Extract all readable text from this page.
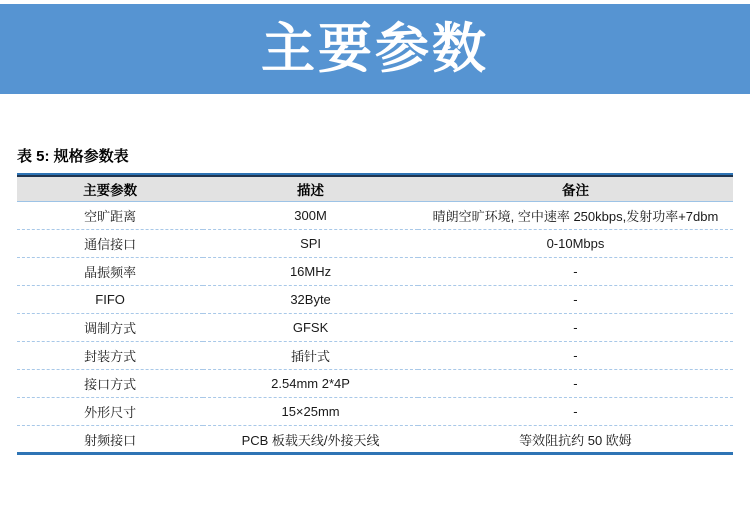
主要参数
表 5: 规格参数表
主要参数	描述	备注
空旷距离	300M	晴朗空旷环境, 空中速率 250kbps,发射功率+7dbm
通信接口	SPI	0-10Mbps
晶振频率	16MHz	-
FIFO	32Byte	-
调制方式	GFSK	-
封装方式	插针式	-
接口方式	2.54mm 2*4P	-
外形尺寸	15×25mm	-
射频接口	PCB 板载天线/外接天线	等效阻抗约 50 欧姆
